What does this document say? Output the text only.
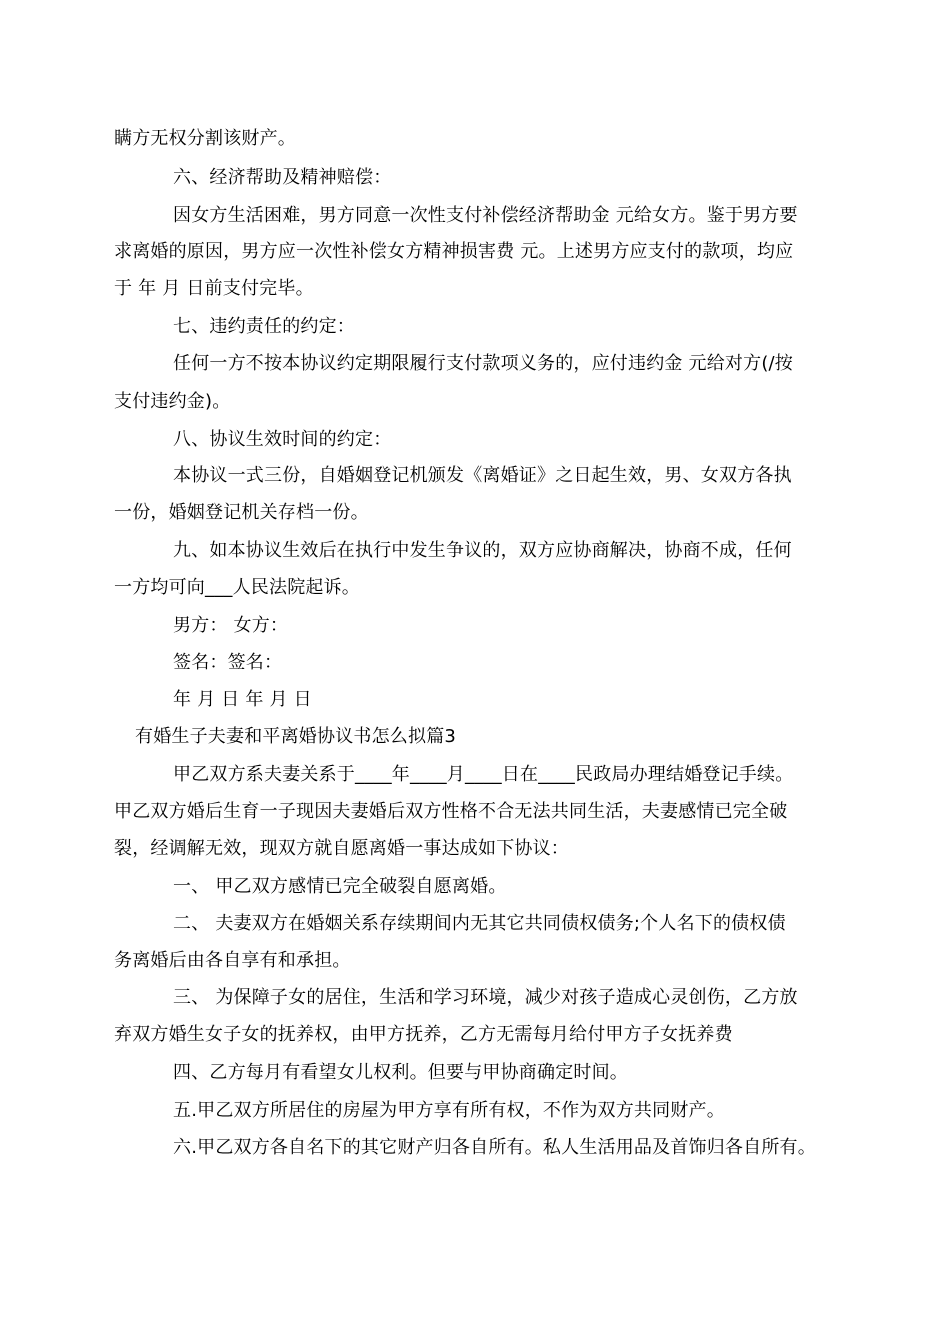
瞒方无权分割该财产。
六、经济帮助及精神赔偿：
因女方生活困难，男方同意一次性支付补偿经济帮助金 元给女方。鉴于男方要
求离婚的原因，男方应一次性补偿女方精神损害费 元。上述男方应支付的款项，均应
于 年 月 日前支付完毕。
七、违约责任的约定：
任何一方不按本协议约定期限履行支付款项义务的，应付违约金 元给对方(/按
支付违约金)。
八、协议生效时间的约定：
本协议一式三份，自婚姻登记机颁发《离婚证》之日起生效，男、女双方各执
一份，婚姻登记机关存档一份。
九、如本协议生效后在执行中发生争议的，双方应协商解决，协商不成，任何
一方均可向___人民法院起诉。
男方： 女方：
签名：签名：
年 月 日 年 月 日
有婚生子夫妻和平离婚协议书怎么拟篇3
甲乙双方系夫妻关系于____年____月____日在____民政局办理结婚登记手续。
甲乙双方婚后生育一子现因夫妻婚后双方性格不合无法共同生活，夫妻感情已完全破
裂，经调解无效，现双方就自愿离婚一事达成如下协议：
一、 甲乙双方感情已完全破裂自愿离婚。
二、 夫妻双方在婚姻关系存续期间内无其它共同债权债务;个人名下的债权债
务离婚后由各自享有和承担。
三、 为保障子女的居住，生活和学习环境，减少对孩子造成心灵创伤，乙方放
弃双方婚生女子女的抚养权，由甲方抚养，乙方无需每月给付甲方子女抚养费
四、乙方每月有看望女儿权利。但要与甲协商确定时间。
五.甲乙双方所居住的房屋为甲方享有所有权，不作为双方共同财产。
六.甲乙双方各自名下的其它财产归各自所有。私人生活用品及首饰归各自所有。
